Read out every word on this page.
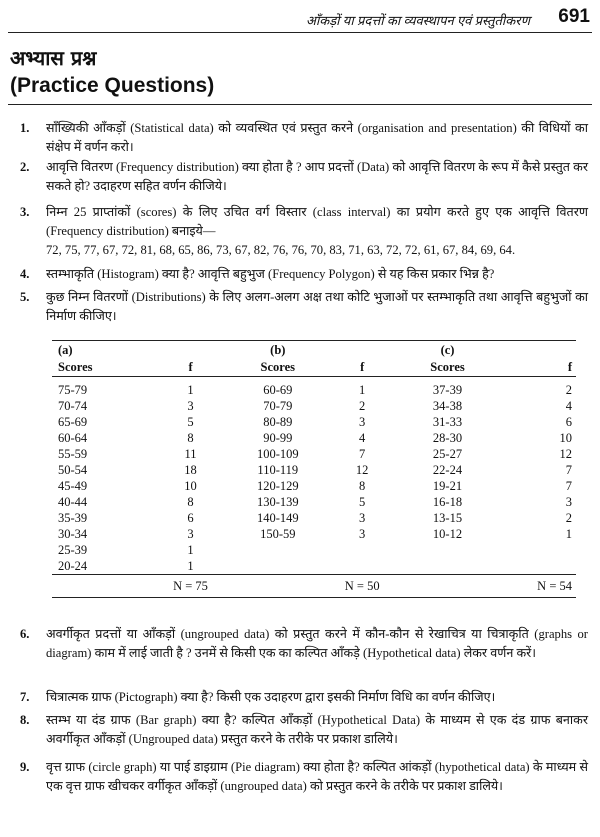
आँकड़ों या प्रदत्तों का व्यवस्थापन एवं प्रस्तुतीकरण 691
अभ्यास प्रश्न
(Practice Questions)
1. साँख्यिकी आँकड़ों (Statistical data) को व्यवस्थित एवं प्रस्तुत करने (organisation and presentation) की विधियों का संक्षेप में वर्णन करो।
2. आवृत्ति वितरण (Frequency distribution) क्या होता है ? आप प्रदत्तों (Data) को आवृत्ति वितरण के रूप में कैसे प्रस्तुत कर सकते हो? उदाहरण सहित वर्णन कीजिये।
3. निम्न 25 प्राप्तांकों (scores) के लिए उचित वर्ग विस्तार (class interval) का प्रयोग करते हुए एक आवृत्ति वितरण (Frequency distribution) बनाइये—
72, 75, 77, 67, 72, 81, 68, 65, 86, 73, 67, 82, 76, 76, 70, 83, 71, 63, 72, 72, 61, 67, 84, 69, 64.
4. स्तम्भाकृति (Histogram) क्या है? आवृत्ति बहुभुज (Frequency Polygon) से यह किस प्रकार भिन्न है?
5. कुछ निम्न वितरणों (Distributions) के लिए अलग-अलग अक्ष तथा कोटि भुजाओं पर स्तम्भाकृति तथा आवृत्ति बहुभुजों का निर्माण कीजिए।
(a)		(b)		(c)	
Scores	f	Scores	f	Scores	f
75-79	1	60-69	1	37-39	2
70-74	3	70-79	2	34-38	4
65-69	5	80-89	3	31-33	6
60-64	8	90-99	4	28-30	10
55-59	11	100-109	7	25-27	12
50-54	18	110-119	12	22-24	7
45-49	10	120-129	8	19-21	7
40-44	8	130-139	5	16-18	3
35-39	6	140-149	3	13-15	2
30-34	3	150-59	3	10-12	1
25-39	1				
20-24	1				
	N = 75		N = 50		N = 54
6. अवर्गीकृत प्रदत्तों या आँकड़ों (ungrouped data) को प्रस्तुत करने में कौन-कौन से रेखाचित्र या चित्राकृति (graphs or diagram) काम में लाई जाती है ? उनमें से किसी एक का कल्पित आँकड़े (Hypothetical data) लेकर वर्णन करें।
7. चित्रात्मक ग्राफ (Pictograph) क्या है? किसी एक उदाहरण द्वारा इसकी निर्माण विधि का वर्णन कीजिए।
8. स्तम्भ या दंड ग्राफ (Bar graph) क्या है? कल्पित आँकड़ों (Hypothetical Data) के माध्यम से एक दंड ग्राफ बनाकर अवर्गीकृत आँकड़ों (Ungrouped data) प्रस्तुत करने के तरीके पर प्रकाश डालिये।
9. वृत्त ग्राफ (circle graph) या पाई डाइग्राम (Pie diagram) क्या होता है? कल्पित आंकड़ों (hypothetical data) के माध्यम से एक वृत्त ग्राफ खीचकर वर्गीकृत आँकड़ों (ungrouped data) को प्रस्तुत करने के तरीके पर प्रकाश डालिये।
